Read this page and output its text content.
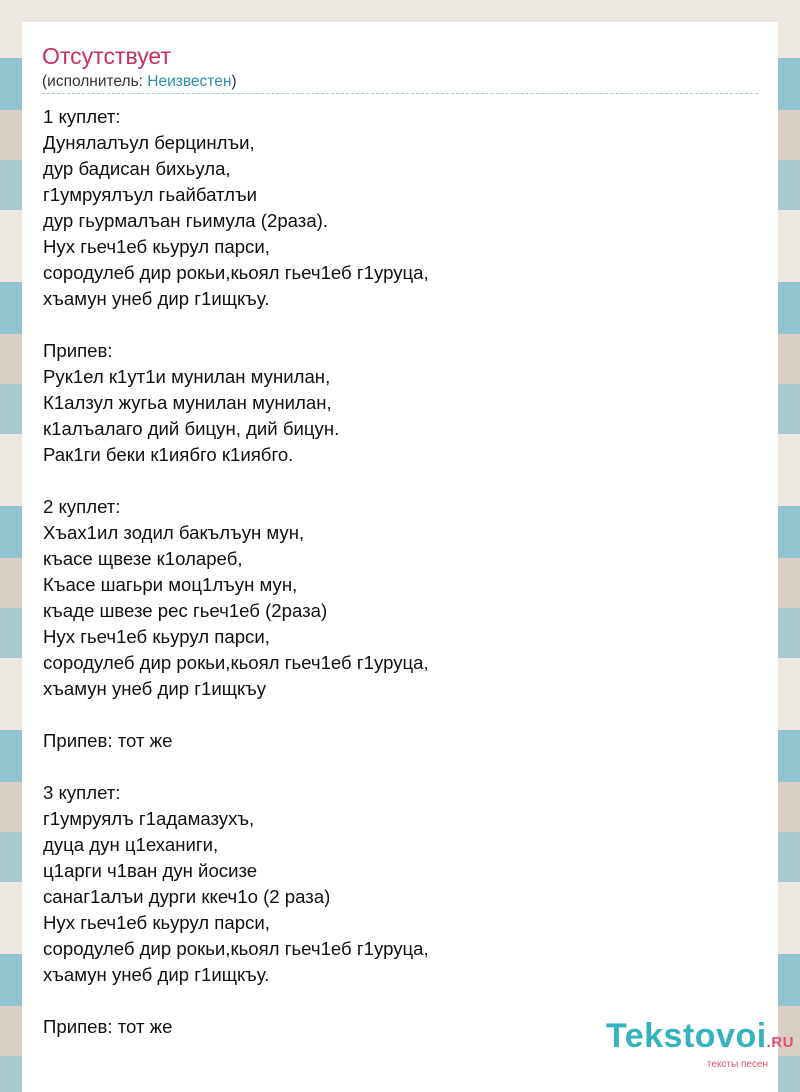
Отсутствует
(исполнитель: Неизвестен)
1 куплет:
Дунялалъул берцинлъи,
дур бадисан бихьула,
г1умруялъул гьайбатлъи
дур гьурмалъан гьимула (2раза).
Нух гьеч1еб кьурул парси,
сородулеб дир рокьи,кьоял гьеч1еб г1уруца,
хъамун унеб дир г1ищкъу.
Припев:
Рук1ел к1ут1и мунилан мунилан,
К1алзул жугьа мунилан мунилан,
к1алъалаго дий бицун, дий бицун.
Рак1ги беки к1иябго к1иябго.
2 куплет:
Хъах1ил зодил бакълъун мун,
къасе щвезе к1олареб,
Къасе шагьри моц1лъун мун,
къаде швезе рес гьеч1еб (2раза)
Нух гьеч1еб кьурул парси,
сородулеб дир рокьи,кьоял гьеч1еб г1уруца,
хъамун унеб дир г1ищкъу
Припев: тот же
3 куплет:
г1умруялъ г1адамазухъ,
дуца дун ц1еханиги,
ц1арги ч1ван дун йосизе
санаг1алъи дурги ккеч1о (2 раза)
Нух гьеч1еб кьурул парси,
сородулеб дир рокьи,кьоял гьеч1еб г1уруца,
хъамун унеб дир г1ищкъу.
Припев: тот же	Tekstovoi.RU
тексты песен
